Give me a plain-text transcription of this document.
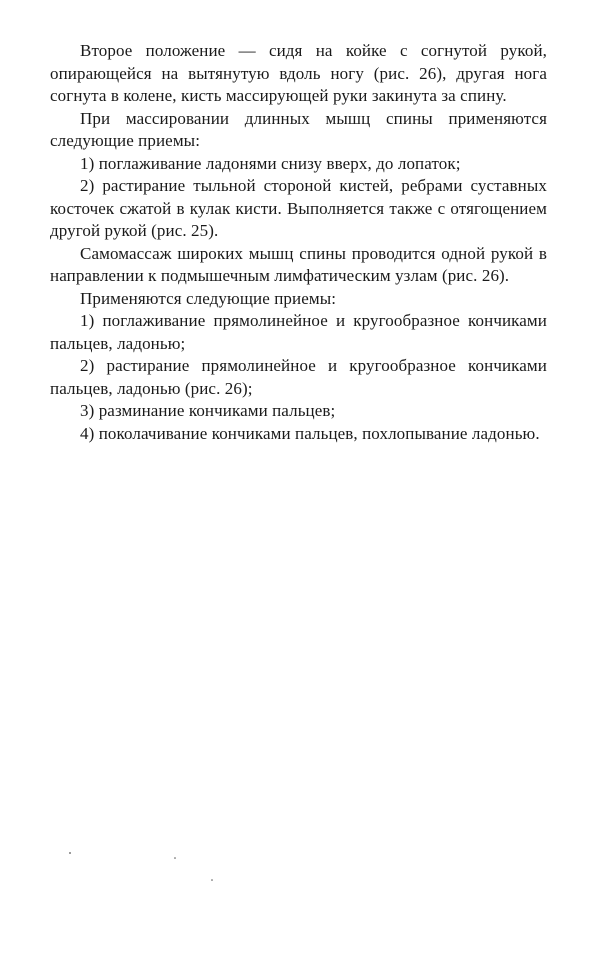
Второе положение — сидя на койке с согнутой рукой, опирающейся на вытянутую вдоль ногу (рис. 26), другая нога согнута в колене, кисть массирующей руки закинута за спину.

При массировании длинных мышц спины применяются следующие приемы:

1) поглаживание ладонями снизу вверх, до лопаток;

2) растирание тыльной стороной кистей, ребрами суставных косточек сжатой в кулак кисти. Выполняется также с отягощением другой рукой (рис. 25).

Самомассаж широких мышц спины проводится одной рукой в направлении к подмышечным лимфатическим узлам (рис. 26).

Применяются следующие приемы:

1) поглаживание прямолинейное и кругообразное кончиками пальцев, ладонью;

2) растирание прямолинейное и кругообразное кончиками пальцев, ладонью (рис. 26);

3) разминание кончиками пальцев;

4) поколачивание кончиками пальцев, похлопывание ладонью.
